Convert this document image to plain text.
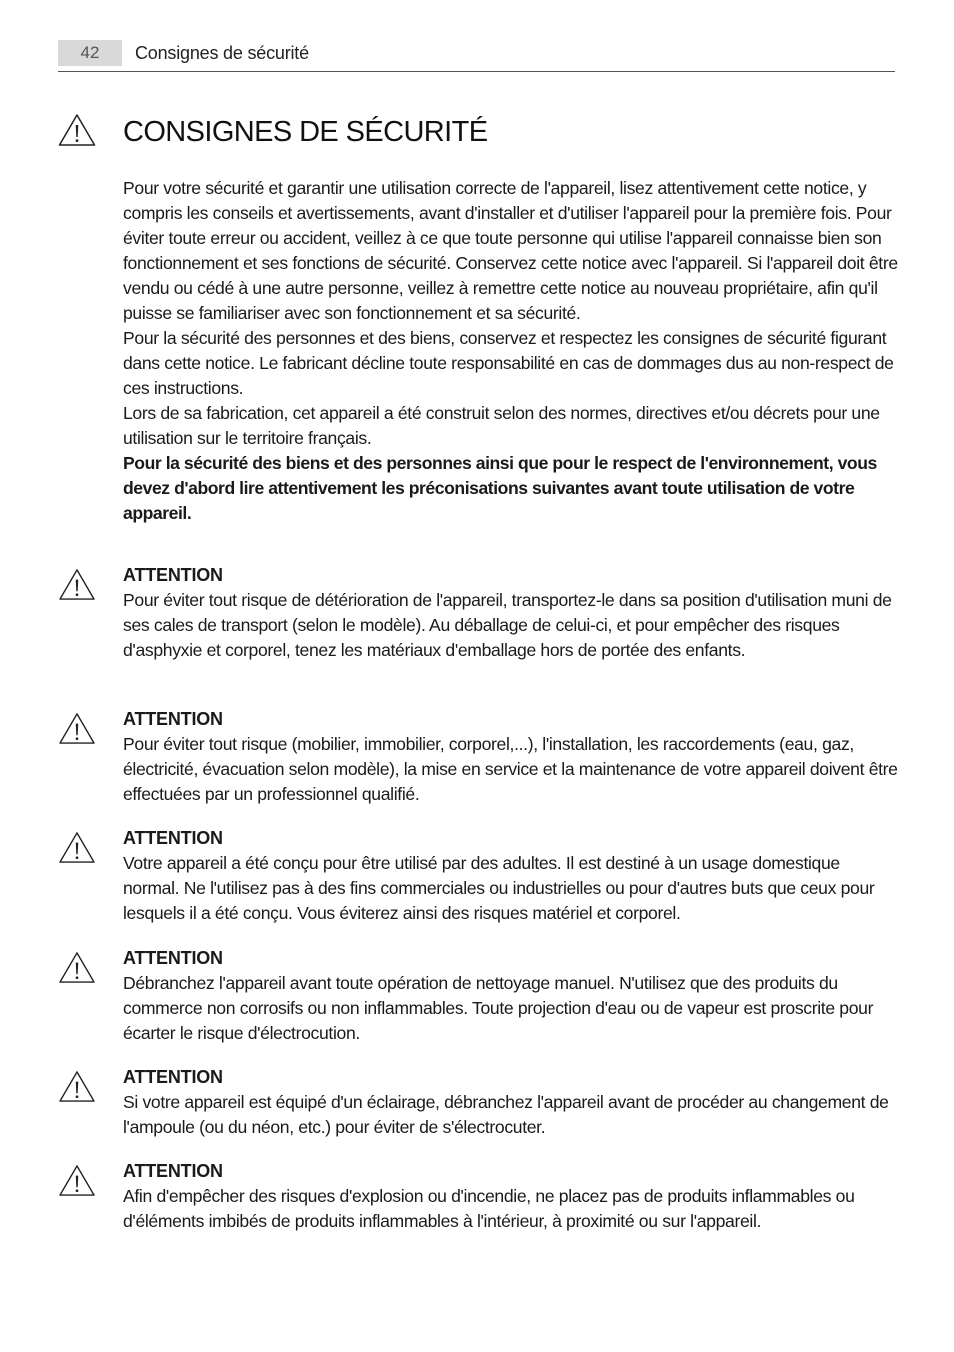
42	Consignes de sécurité
CONSIGNES DE SÉCURITÉ

Pour votre sécurité et garantir une utilisation correcte de l'appareil, lisez attentivement cette notice, y compris les conseils et avertissements, avant d'installer et d'utiliser l'appareil pour la première fois. Pour éviter toute erreur ou accident, veillez à ce que toute personne qui utilise l'appareil connaisse bien son fonctionnement et ses fonctions de sécurité. Conservez cette notice avec l'appareil. Si l'appareil doit être vendu ou cédé à une autre personne, veillez à remettre cette notice au nouveau propriétaire, afin qu'il puisse se familiariser avec son fonctionnement et sa sécurité.

Pour la sécurité des personnes et des biens, conservez et respectez les consignes de sécurité figurant dans cette notice. Le fabricant décline toute responsabilité en cas de dommages dus au non-respect de ces instructions.

Lors de sa fabrication, cet appareil a été construit selon des normes, directives et/ou décrets pour une utilisation sur le territoire français.

Pour la sécurité des biens et des personnes ainsi que pour le respect de l'environnement, vous devez d'abord lire attentivement les préconisations suivantes avant toute utilisation de votre appareil.

ATTENTION

Pour éviter tout risque de détérioration de l'appareil, transportez-le dans sa position d'utilisation muni de ses cales de transport (selon le modèle). Au déballage de celui-ci, et pour empêcher des risques d'asphyxie et corporel, tenez les matériaux d'emballage hors de portée des enfants.

ATTENTION

Pour éviter tout risque (mobilier, immobilier, corporel,...), l'installation, les raccordements (eau, gaz, électricité, évacuation selon modèle), la mise en service et la maintenance de votre appareil doivent être effectuées par un professionnel qualifié.

ATTENTION

Votre appareil a été conçu pour être utilisé par des adultes. Il est destiné à un usage domestique normal. Ne l'utilisez pas à des fins commerciales ou industrielles ou pour d'autres buts que ceux pour lesquels il a été conçu. Vous éviterez ainsi des risques matériel et corporel.

ATTENTION

Débranchez l'appareil avant toute opération de nettoyage manuel. N'utilisez que des produits du commerce non corrosifs ou non inflammables. Toute projection d'eau ou de vapeur est proscrite pour écarter le risque d'électrocution.

ATTENTION

Si votre appareil est équipé d'un éclairage, débranchez l'appareil avant de procéder au changement de l'ampoule (ou du néon, etc.) pour éviter de s'électrocuter.

ATTENTION

Afin d'empêcher des risques d'explosion ou d'incendie, ne placez pas de produits inflammables ou d'éléments imbibés de produits inflammables à l'intérieur, à proximité ou sur l'appareil.
